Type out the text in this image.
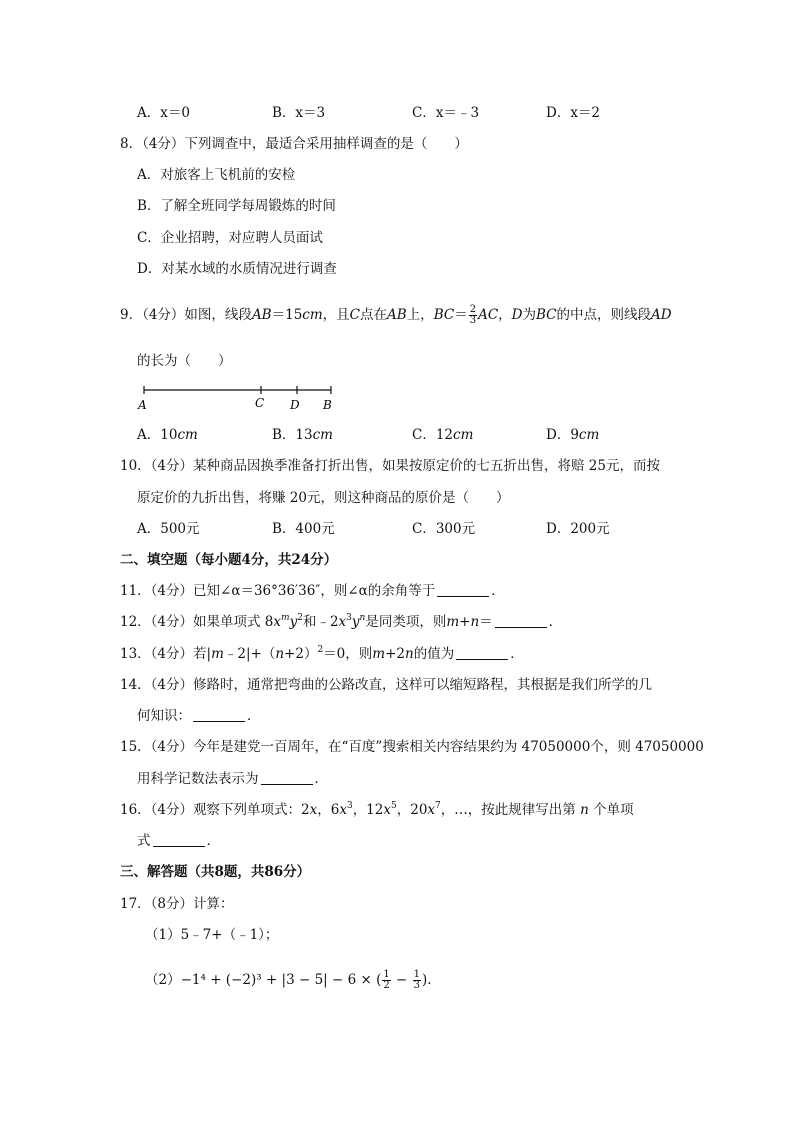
A．x＝0	B．x＝3	C．x＝﹣3	D．x＝2
8．（4分）下列调查中，最适合采用抽样调查的是（　　）
A．对旅客上飞机前的安检
B．了解全班同学每周锻炼的时间
C．企业招聘，对应聘人员面试
D．对某水域的水质情况进行调查
9．（4分）如图，线段AB＝15cm，且C点在AB上，$BC= \frac{2}{3}$ AC，D为BC的中点，则线段AD
的长为（　　）
A	C D B
A．10cm	B．13cm	C．12cm	D．9cm
10．（4分）某种商品因换季准备打折出售，如果按原定价的七五折出售，将赔 25元，而按
原定价的九折出售，将赚 20元，则这种商品的原价是（　　）
A．500元	B．400元	C．300元	D．200元
二、填空题（每小题4分，共24分）
11．（4分）已知∠α＝36°36′36″，则∠α的余角等于	．
12．（4分）如果单项式 $8x^my^2$和$﹣2x^3y^n$是同类项，则m+n＝	．
13．（4分）若$|m﹣2|+(n+2)^2=0$，则m+2n的值为	．
14．（4分）修路时，通常把弯曲的公路改直，这样可以缩短路程，其根据是我们所学的几
何知识：	．
15．（4分）今年是建党一百周年，在“百度”搜索相关内容结果约为 47050000个，则 47050000
用科学记数法表示为	．
16．（4分）观察下列单项式：2x，$6x^3$，$12x^5$，$20x^7$，…，按此规律写出第 n 个单项
式	．
三、解答题（共8题，共86分）
17．（8分）计算：
（1）5﹣7+（﹣1）；
（2）−1⁴ + (−2)³ + |3 − 5| − 6 × ( $\frac{1}{2} - \frac{1}{3}$ ).
